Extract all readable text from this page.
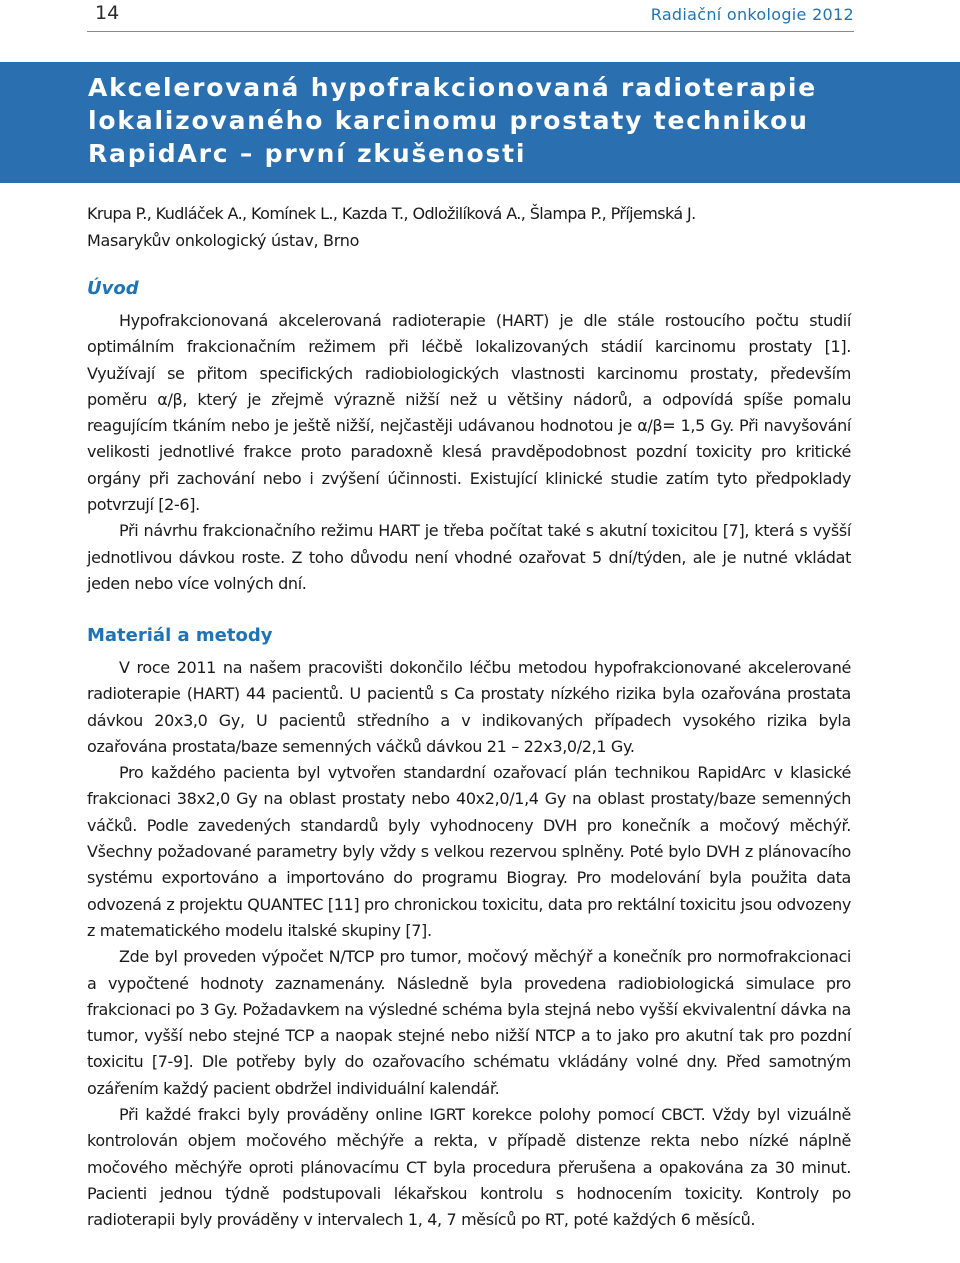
14	Radiační onkologie 2012
Akcelerovaná hypofrakcionovaná radioterapie
lokalizovaného karcinomu prostaty technikou
RapidArc – první zkušenosti
Krupa P., Kudláček A., Komínek L., Kazda T., Odložilíková A., Šlampa P., Příjemská J.
Masarykův onkologický ústav, Brno
Úvod

Hypofrakcionovaná akcelerovaná radioterapie (HART) je dle stále rostoucího počtu studií optimálním frakcionačním režimem při léčbě lokalizovaných stádií karcinomu prostaty [1]. Využívají se přitom specifických radiobiologických vlastnosti karcinomu prostaty, především poměru α/β, který je zřejmě výrazně nižší než u většiny nádorů, a odpovídá spíše pomalu reagujícím tkáním nebo je ještě nižší, nejčastěji udávanou hodnotou je α/β= 1,5 Gy. Při navyšování velikosti jednotlivé frakce proto paradoxně klesá pravděpodobnost pozdní toxicity pro kritické orgány při zachování nebo i zvýšení účinnosti. Existující klinické studie zatím tyto předpoklady potvrzují [2-6].

Při návrhu frakcionačního režimu HART je třeba počítat také s akutní toxicitou [7], která s vyšší jednotlivou dávkou roste. Z toho důvodu není vhodné ozařovat 5 dní/týden, ale je nutné vkládat jeden nebo více volných dní.

Materiál a metody

V roce 2011 na našem pracovišti dokončilo léčbu metodou hypofrakcionované akcelerované radioterapie (HART) 44 pacientů. U pacientů s Ca prostaty nízkého rizika byla ozařována prostata dávkou 20x3,0 Gy, U pacientů středního a v indikovaných případech vysokého rizika byla ozařována prostata/baze semenných váčků dávkou 21 – 22x3,0/2,1 Gy.

Pro každého pacienta byl vytvořen standardní ozařovací plán technikou RapidArc v klasické frakcionaci 38x2,0 Gy na oblast prostaty nebo 40x2,0/1,4 Gy na oblast prostaty/baze semenných váčků. Podle zavedených standardů byly vyhodnoceny DVH pro konečník a močový měchýř. Všechny požadované parametry byly vždy s velkou rezervou splněny. Poté bylo DVH z plánovacího systému exportováno a importováno do programu Biogray. Pro modelování byla použita data odvozená z projektu QUANTEC [11] pro chronickou toxicitu, data pro rektální toxicitu jsou odvozeny z matematického modelu italské skupiny [7].

Zde byl proveden výpočet N/TCP pro tumor, močový měchýř a konečník pro normofrakcionaci a vypočtené hodnoty zaznamenány. Následně byla provedena radiobiologická simulace pro frakcionaci po 3 Gy. Požadavkem na výsledné schéma byla stejná nebo vyšší ekvivalentní dávka na tumor, vyšší nebo stejné TCP a naopak stejné nebo nižší NTCP a to jako pro akutní tak pro pozdní toxicitu [7-9]. Dle potřeby byly do ozařovacího schématu vkládány volné dny. Před samotným ozářením každý pacient obdržel individuální kalendář.

Při každé frakci byly prováděny online IGRT korekce polohy pomocí CBCT. Vždy byl vizuálně kontrolován objem močového měchýře a rekta, v případě distenze rekta nebo nízké náplně močového měchýře oproti plánovacímu CT byla procedura přerušena a opakována za 30 minut. Pacienti jednou týdně podstupovali lékařskou kontrolu s hodnocením toxicity. Kontroly po radioterapii byly prováděny v intervalech 1, 4, 7 měsíců po RT, poté každých 6 měsíců.
